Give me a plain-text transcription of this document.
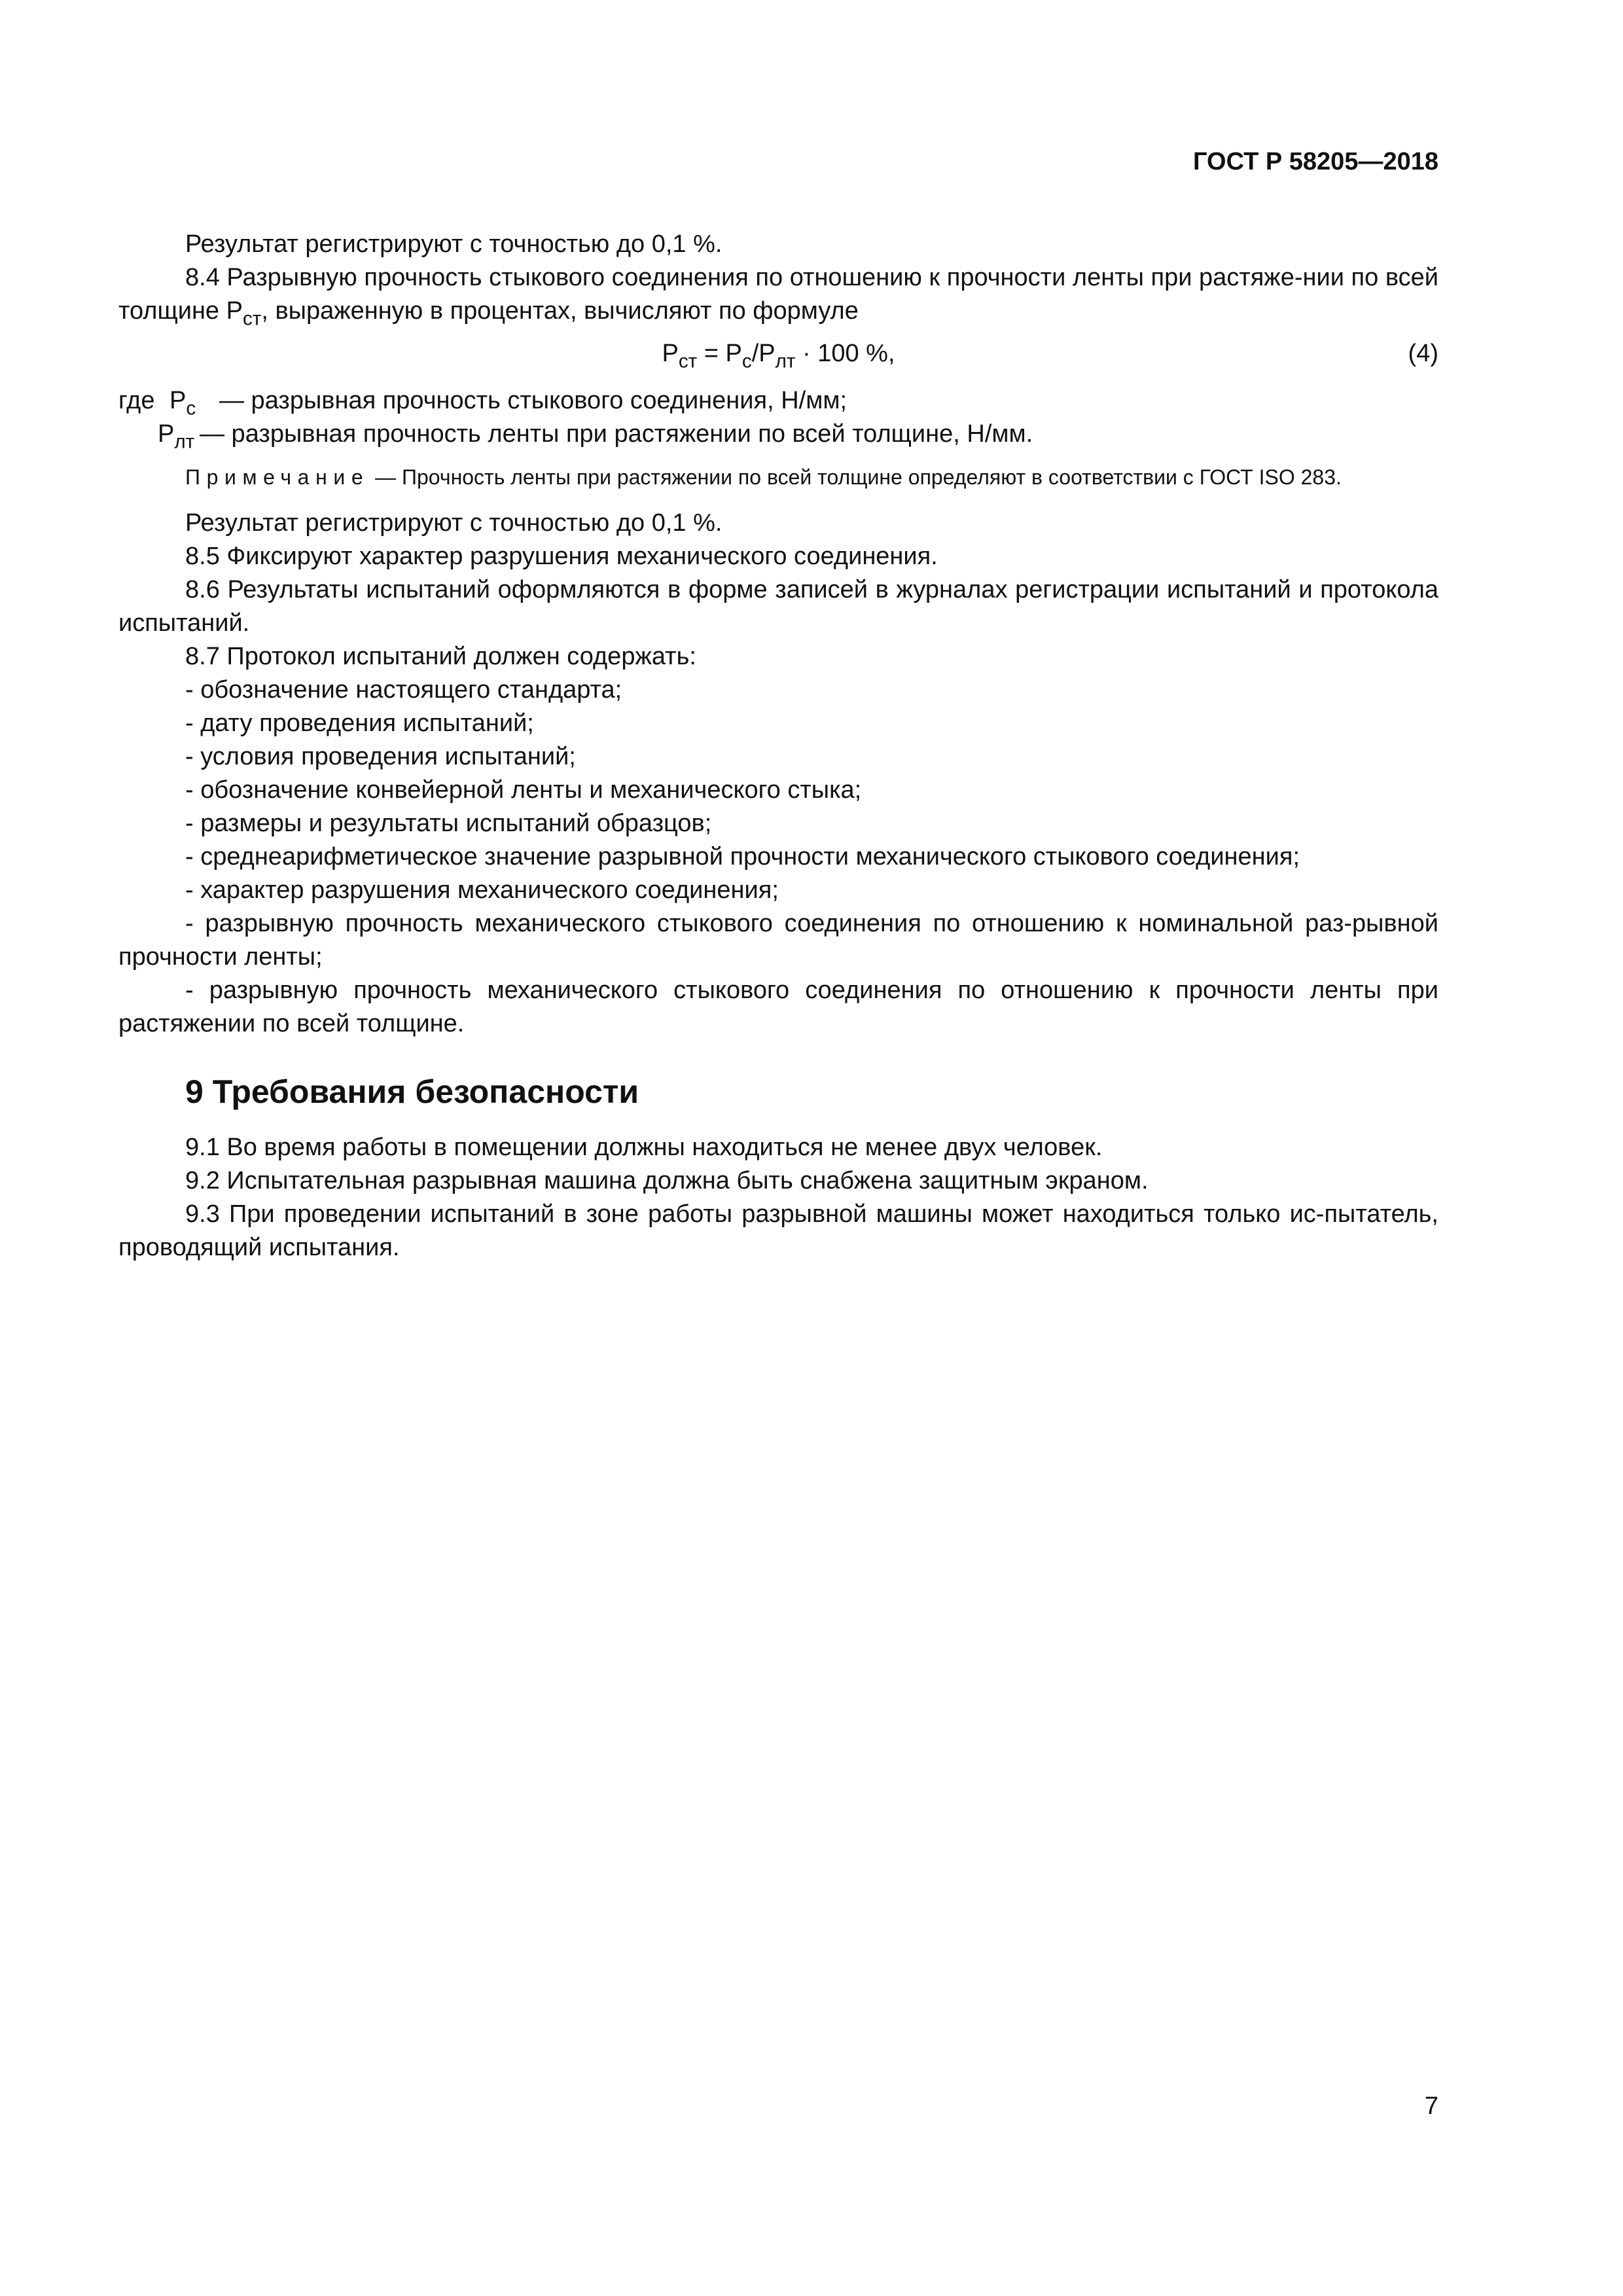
ГОСТ Р 58205—2018

Результат регистрируют с точностью до 0,1 %.

8.4 Разрывную прочность стыкового соединения по отношению к прочности ленты при растяже-нии по всей толщине $Р_{ст}$, выраженную в процентах, вычисляют по формуле

$Р_{ст} = Р_с/Р_{лт} \cdot 100$ %,	(4)
где $Р_с$ — разрывная прочность стыкового соединения, Н/мм;
$Р_{лт}$ — разрывная прочность ленты при растяжении по всей толщине, Н/мм.

Примечание — Прочность ленты при растяжении по всей толщине определяют в соответствии с ГОСТ ISO 283.

Результат регистрируют с точностью до 0,1 %.

8.5 Фиксируют характер разрушения механического соединения.

8.6 Результаты испытаний оформляются в форме записей в журналах регистрации испытаний и протокола испытаний.

8.7 Протокол испытаний должен содержать:

- обозначение настоящего стандарта;

- дату проведения испытаний;

- условия проведения испытаний;

- обозначение конвейерной ленты и механического стыка;

- размеры и результаты испытаний образцов;

- среднеарифметическое значение разрывной прочности механического стыкового соединения;

- характер разрушения механического соединения;

- разрывную прочность механического стыкового соединения по отношению к номинальной раз-рывной прочности ленты;

- разрывную прочность механического стыкового соединения по отношению к прочности ленты при растяжении по всей толщине.

9 Требования безопасности

9.1 Во время работы в помещении должны находиться не менее двух человек.

9.2 Испытательная разрывная машина должна быть снабжена защитным экраном.

9.3 При проведении испытаний в зоне работы разрывной машины может находиться только ис-пытатель, проводящий испытания.

7
